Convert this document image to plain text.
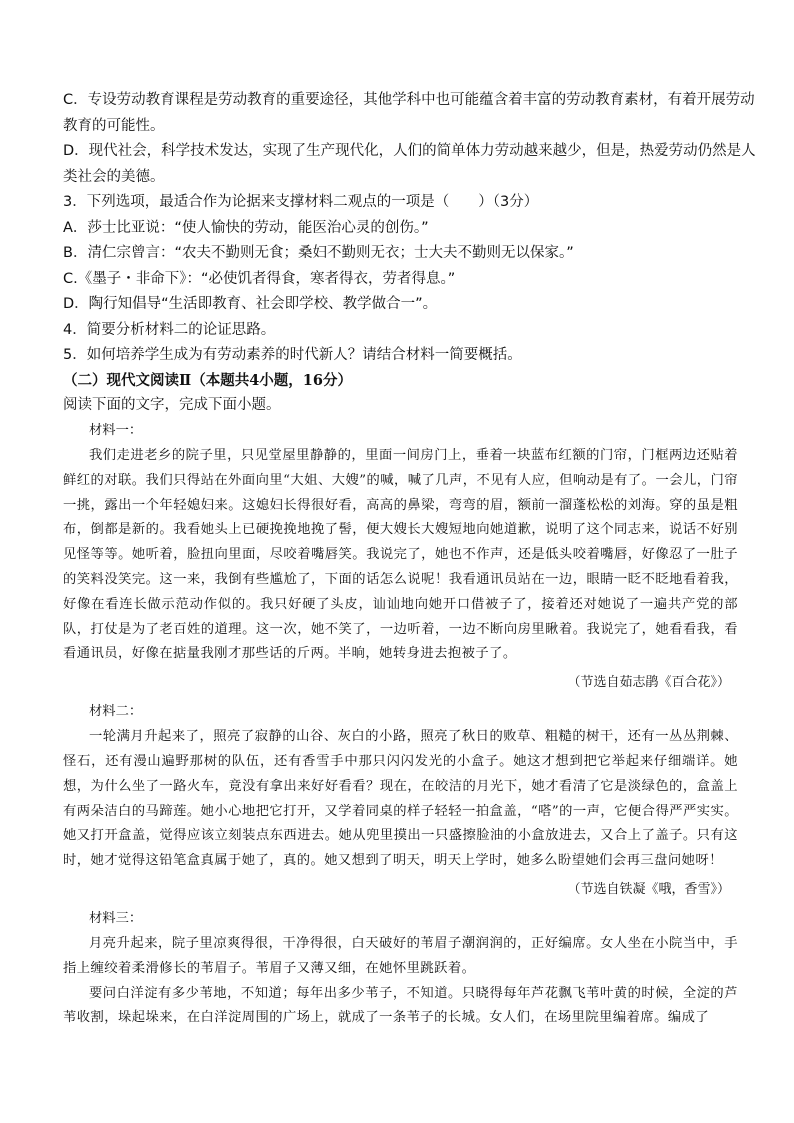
C．专设劳动教育课程是劳动教育的重要途径，其他学科中也可能蕴含着丰富的劳动教育素材，有着开展劳动
教育的可能性。
D．现代社会，科学技术发达，实现了生产现代化，人们的简单体力劳动越来越少，但是，热爱劳动仍然是人
类社会的美德。
3．下列选项，最适合作为论据来支撑材料二观点的一项是（　　）（3分）
A．莎士比亚说：“使人愉快的劳动，能医治心灵的创伤。”
B．清仁宗曾言：“农夫不勤则无食；桑妇不勤则无衣；士大夫不勤则无以保家。”
C.《墨子・非命下》：“必使饥者得食，寒者得衣，劳者得息。”
D．陶行知倡导“生活即教育、社会即学校、教学做合一”。
4．简要分析材料二的论证思路。
5．如何培养学生成为有劳动素养的时代新人？请结合材料一简要概括。
（二）现代文阅读Ⅱ（本题共4小题，16分）
阅读下面的文字，完成下面小题。
材料一：

我们走进老乡的院子里，只见堂屋里静静的，里面一间房门上，垂着一块蓝布红额的门帘，门框两边还贴着鲜红的对联。我们只得站在外面向里“大姐、大嫂”的喊，喊了几声，不见有人应，但响动是有了。一会儿，门帘一挑，露出一个年轻媳妇来。这媳妇长得很好看，高高的鼻梁，弯弯的眉，额前一溜蓬松松的刘海。穿的虽是粗布，倒都是新的。我看她头上已硬挽挽地挽了髻，便大嫂长大嫂短地向她道歉，说明了这个同志来，说话不好别见怪等等。她听着，脸扭向里面，尽咬着嘴唇笑。我说完了，她也不作声，还是低头咬着嘴唇，好像忍了一肚子的笑料没笑完。这一来，我倒有些尴尬了，下面的话怎么说呢！我看通讯员站在一边，眼睛一眨不眨地看着我，好像在看连长做示范动作似的。我只好硬了头皮，讪讪地向她开口借被子了，接着还对她说了一遍共产党的部队，打仗是为了老百姓的道理。这一次，她不笑了，一边听着，一边不断向房里瞅着。我说完了，她看看我，看看通讯员，好像在掂量我刚才那些话的斤两。半晌，她转身进去抱被子了。

（节选自茹志鹃《百合花》）
材料二：

一轮满月升起来了，照亮了寂静的山谷、灰白的小路，照亮了秋日的败草、粗糙的树干，还有一丛丛荆棘、怪石，还有漫山遍野那树的队伍，还有香雪手中那只闪闪发光的小盒子。她这才想到把它举起来仔细端详。她想，为什么坐了一路火车，竟没有拿出来好好看看？现在，在皎洁的月光下，她才看清了它是淡绿色的，盒盖上有两朵洁白的马蹄莲。她小心地把它打开，又学着同桌的样子轻轻一拍盒盖，“嗒”的一声，它便合得严严实实。她又打开盒盖，觉得应该立刻装点东西进去。她从兜里摸出一只盛擦脸油的小盒放进去，又合上了盖子。只有这时，她才觉得这铅笔盒真属于她了，真的。她又想到了明天，明天上学时，她多么盼望她们会再三盘问她呀！

（节选自铁凝《哦，香雪》）
材料三：

月亮升起来，院子里凉爽得很，干净得很，白天破好的苇眉子潮润润的，正好编席。女人坐在小院当中，手指上缠绞着柔滑修长的苇眉子。苇眉子又薄又细，在她怀里跳跃着。

要问白洋淀有多少苇地，不知道；每年出多少苇子，不知道。只晓得每年芦花飘飞苇叶黄的时候，全淀的芦苇收割，垛起垛来，在白洋淀周围的广场上，就成了一条苇子的长城。女人们，在场里院里编着席。编成了
